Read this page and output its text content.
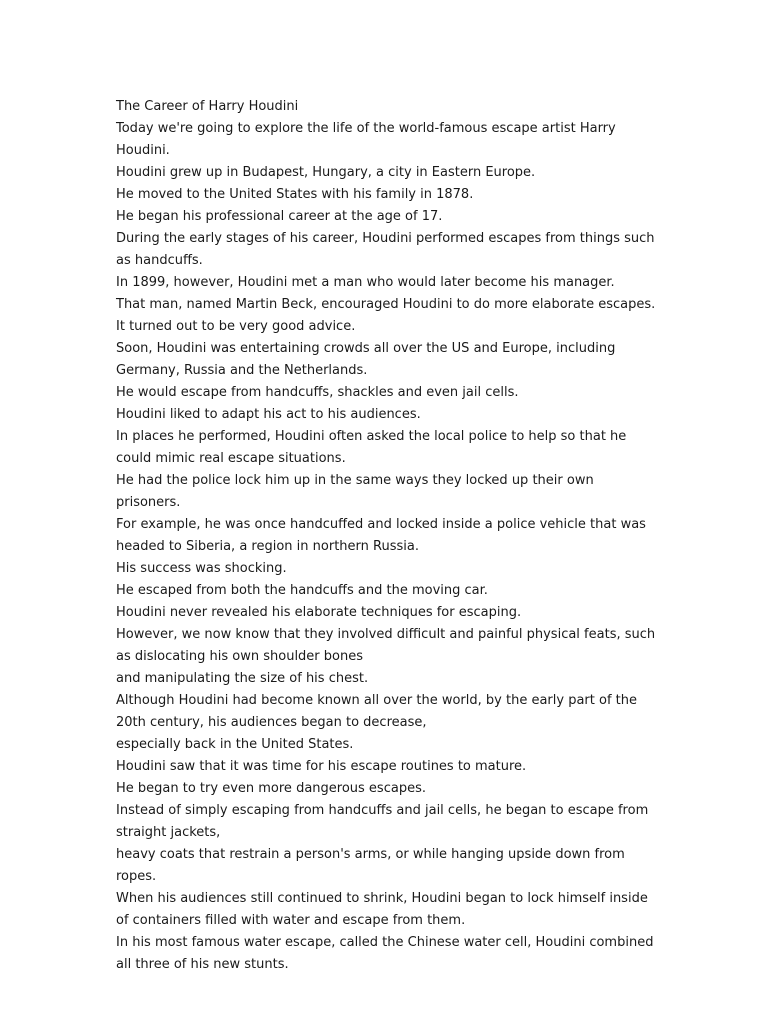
The Career of Harry Houdini

Today we're going to explore the life of the world-famous escape artist Harry Houdini.

Houdini grew up in Budapest, Hungary, a city in Eastern Europe.

He moved to the United States with his family in 1878.

He began his professional career at the age of 17.

During the early stages of his career, Houdini performed escapes from things such as handcuffs.

In 1899, however, Houdini met a man who would later become his manager.

That man, named Martin Beck, encouraged Houdini to do more elaborate escapes.

It turned out to be very good advice.

Soon, Houdini was entertaining crowds all over the US and Europe, including Germany, Russia and the Netherlands.

He would escape from handcuffs, shackles and even jail cells.

Houdini liked to adapt his act to his audiences.

In places he performed, Houdini often asked the local police to help so that he could mimic real escape situations.

He had the police lock him up in the same ways they locked up their own prisoners.

For example, he was once handcuffed and locked inside a police vehicle that was headed to Siberia, a region in northern Russia.

His success was shocking.

He escaped from both the handcuffs and the moving car.

Houdini never revealed his elaborate techniques for escaping.

However, we now know that they involved difficult and painful physical feats, such as dislocating his own shoulder bones

and manipulating the size of his chest.

Although Houdini had become known all over the world, by the early part of the 20th century, his audiences began to decrease,

especially back in the United States.

Houdini saw that it was time for his escape routines to mature.

He began to try even more dangerous escapes.

Instead of simply escaping from handcuffs and jail cells, he began to escape from straight jackets,

heavy coats that restrain a person's arms, or while hanging upside down from ropes.

When his audiences still continued to shrink, Houdini began to lock himself inside of containers filled with water and escape from them.

In his most famous water escape, called the Chinese water cell, Houdini combined all three of his new stunts.
